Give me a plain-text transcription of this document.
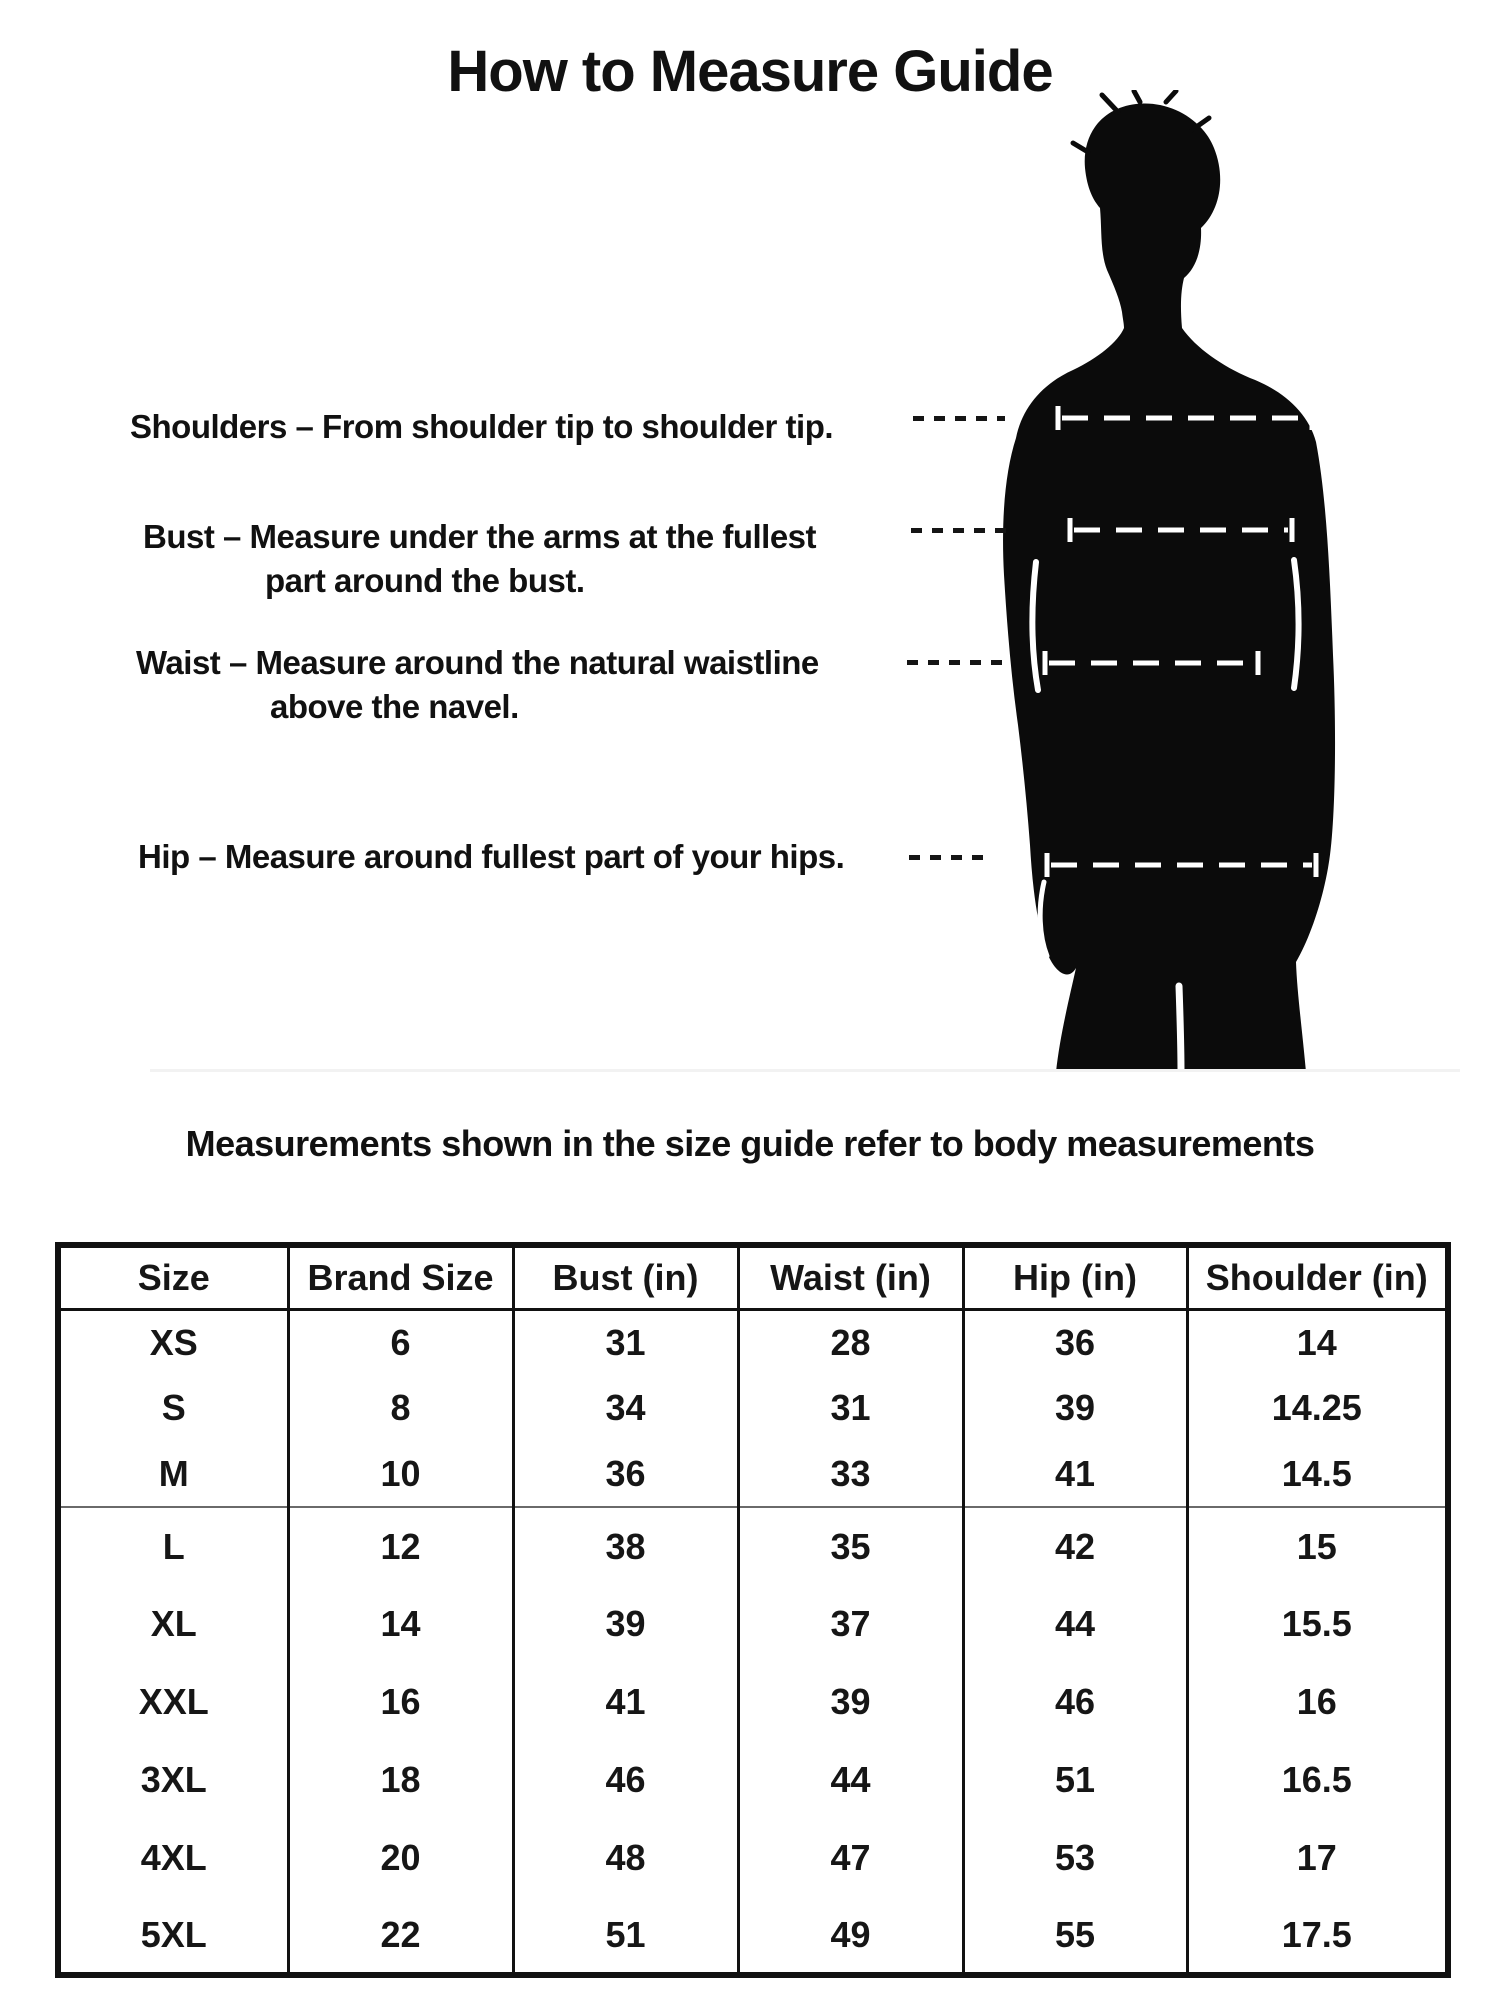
How to Measure Guide
Shoulders – From shoulder tip to shoulder tip.
Bust – Measure under the arms at the fullest
part around the bust.
Waist – Measure around the natural waistline
above the navel.
Hip – Measure around fullest part of your hips.
Measurements shown in the size guide refer to body measurements
Size	Brand Size	Bust (in)	Waist (in)	Hip (in)	Shoulder (in)
XS	6	31	28	36	14
S	8	34	31	39	14.25
M	10	36	33	41	14.5
L	12	38	35	42	15
XL	14	39	37	44	15.5
XXL	16	41	39	46	16
3XL	18	46	44	51	16.5
4XL	20	48	47	53	17
5XL	22	51	49	55	17.5
